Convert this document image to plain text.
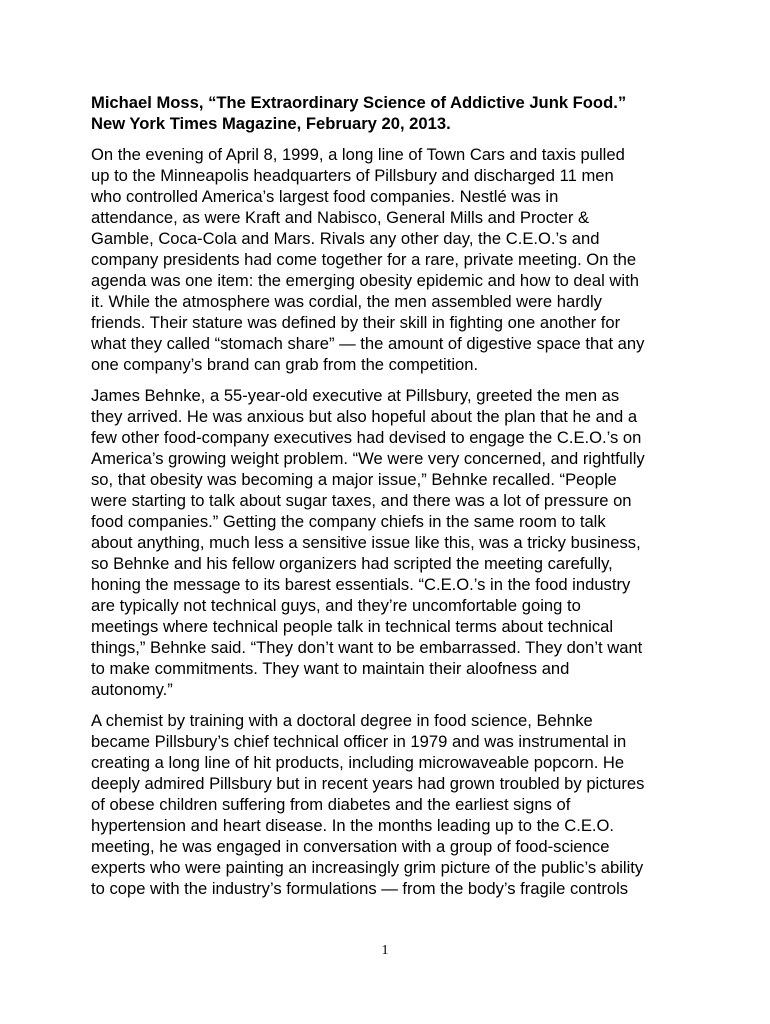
Michael Moss, “The Extraordinary Science of Addictive Junk Food.”
New York Times Magazine, February 20, 2013.

On the evening of April 8, 1999, a long line of Town Cars and taxis pulled
up to the Minneapolis headquarters of Pillsbury and discharged 11 men
who controlled America’s largest food companies. Nestlé was in
attendance, as were Kraft and Nabisco, General Mills and Procter &
Gamble, Coca-Cola and Mars. Rivals any other day, the C.E.O.’s and
company presidents had come together for a rare, private meeting. On the
agenda was one item: the emerging obesity epidemic and how to deal with
it. While the atmosphere was cordial, the men assembled were hardly
friends. Their stature was defined by their skill in fighting one another for
what they called “stomach share” — the amount of digestive space that any
one company’s brand can grab from the competition.

James Behnke, a 55-year-old executive at Pillsbury, greeted the men as
they arrived. He was anxious but also hopeful about the plan that he and a
few other food-company executives had devised to engage the C.E.O.’s on
America’s growing weight problem. “We were very concerned, and rightfully
so, that obesity was becoming a major issue,” Behnke recalled. “People
were starting to talk about sugar taxes, and there was a lot of pressure on
food companies.” Getting the company chiefs in the same room to talk
about anything, much less a sensitive issue like this, was a tricky business,
so Behnke and his fellow organizers had scripted the meeting carefully,
honing the message to its barest essentials. “C.E.O.’s in the food industry
are typically not technical guys, and they’re uncomfortable going to
meetings where technical people talk in technical terms about technical
things,” Behnke said. “They don’t want to be embarrassed. They don’t want
to make commitments. They want to maintain their aloofness and
autonomy.”

A chemist by training with a doctoral degree in food science, Behnke
became Pillsbury’s chief technical officer in 1979 and was instrumental in
creating a long line of hit products, including microwaveable popcorn. He
deeply admired Pillsbury but in recent years had grown troubled by pictures
of obese children suffering from diabetes and the earliest signs of
hypertension and heart disease. In the months leading up to the C.E.O.
meeting, he was engaged in conversation with a group of food-science
experts who were painting an increasingly grim picture of the public’s ability
to cope with the industry’s formulations — from the body’s fragile controls

1
